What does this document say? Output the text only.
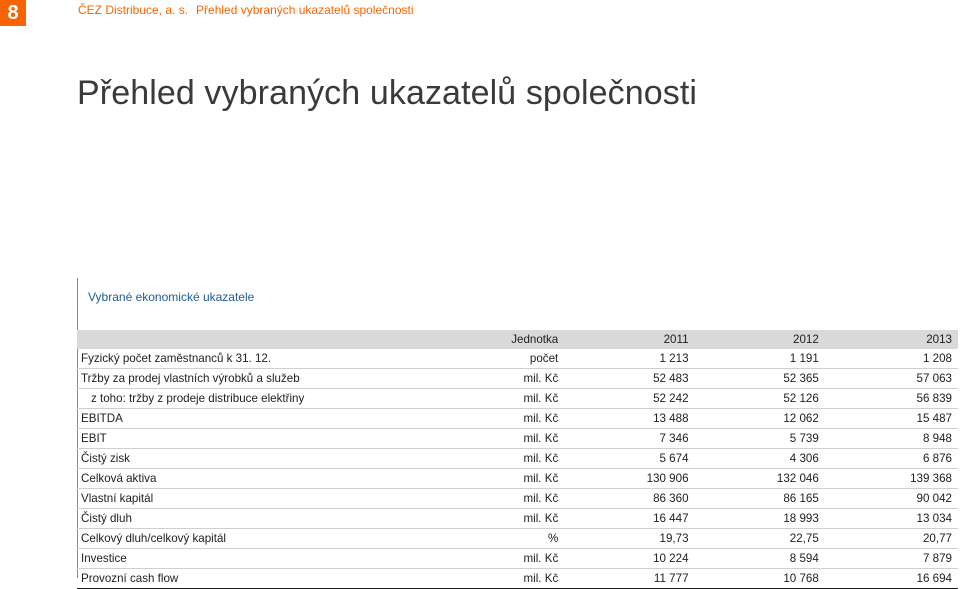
8	ČEZ Distribuce, a. s. Přehled vybraných ukazatelů společnosti
Přehled vybraných ukazatelů společnosti
Vybrané ekonomické ukazatele
	Jednotka	2011	2012	2013
Fyzický počet zaměstnanců k 31. 12.	počet	1 213	1 191	1 208
Tržby za prodej vlastních výrobků a služeb	mil. Kč	52 483	52 365	57 063
z toho: tržby z prodeje distribuce elektřiny	mil. Kč	52 242	52 126	56 839
EBITDA	mil. Kč	13 488	12 062	15 487
EBIT	mil. Kč	7 346	5 739	8 948
Čistý zisk	mil. Kč	5 674	4 306	6 876
Celková aktiva	mil. Kč	130 906	132 046	139 368
Vlastní kapitál	mil. Kč	86 360	86 165	90 042
Čistý dluh	mil. Kč	16 447	18 993	13 034
Celkový dluh/celkový kapitál	%	19,73	22,75	20,77
Investice	mil. Kč	10 224	8 594	7 879
Provozní cash flow	mil. Kč	11 777	10 768	16 694
